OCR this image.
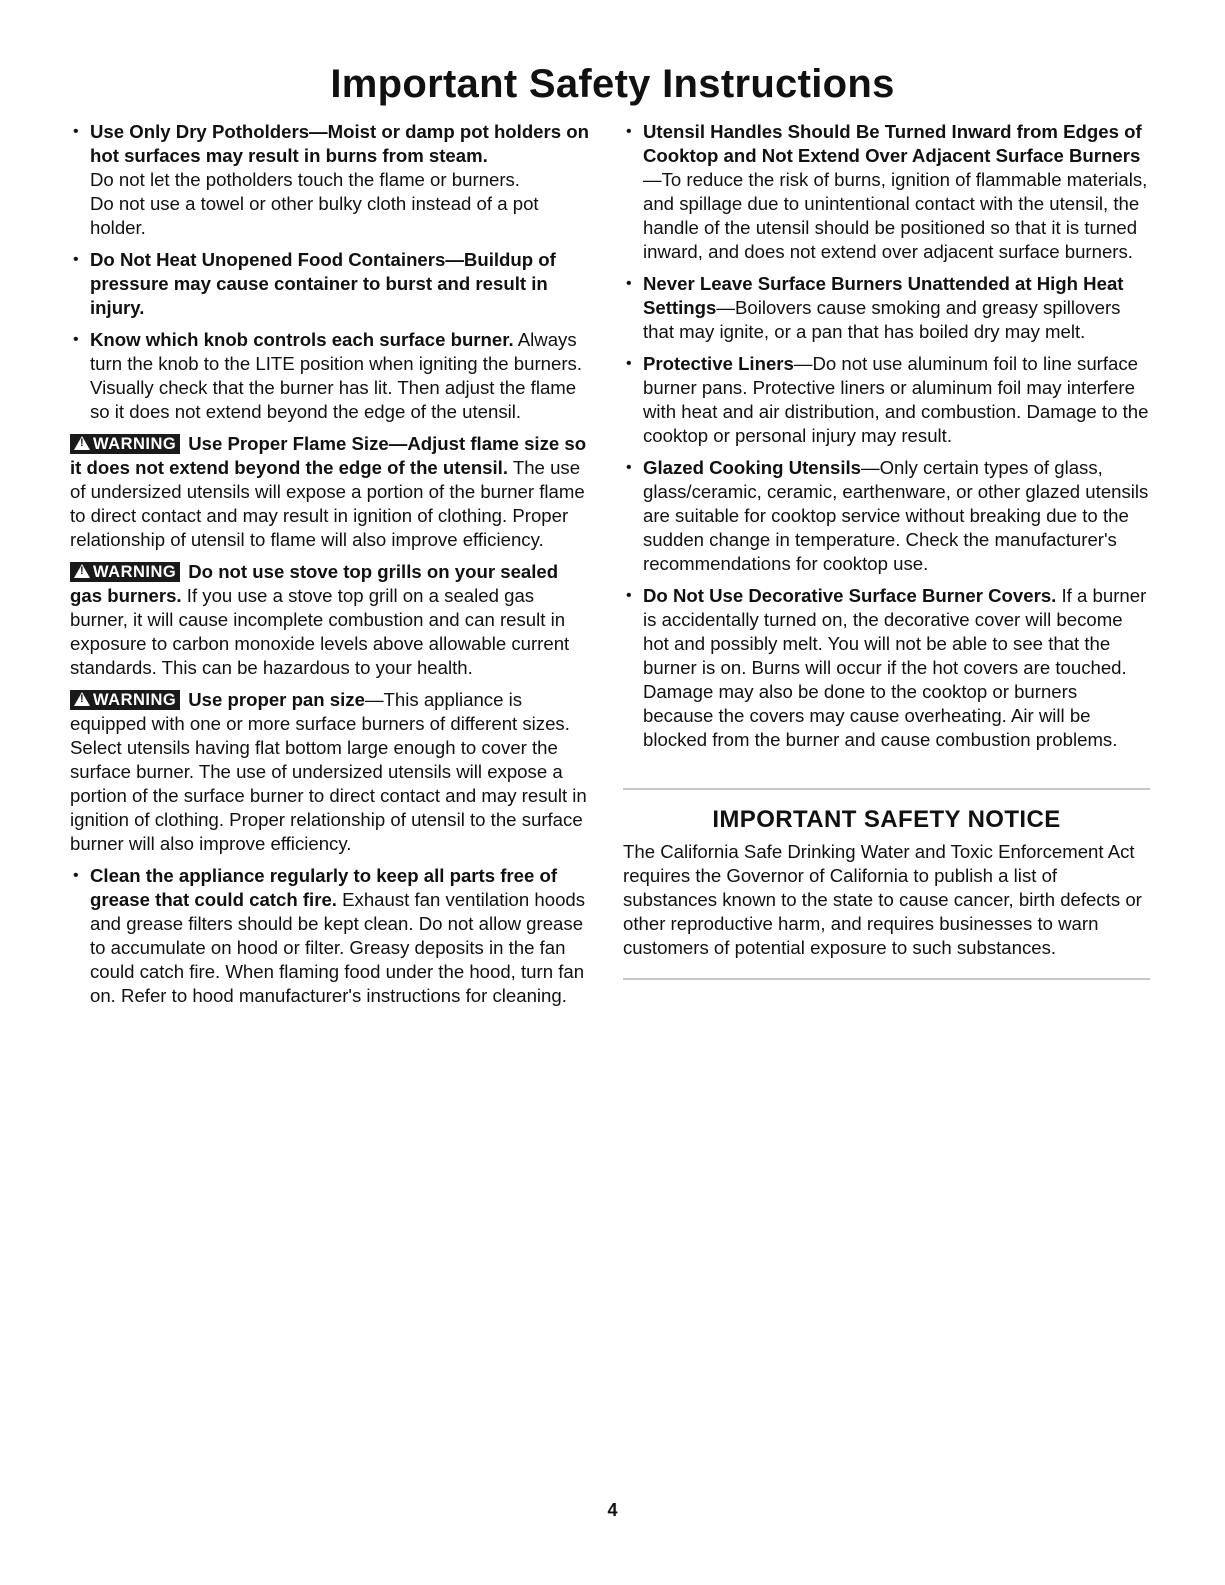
Important Safety Instructions
• Use Only Dry Potholders—Moist or damp pot holders on hot surfaces may result in burns from steam.
Do not let the potholders touch the flame or burners.
Do not use a towel or other bulky cloth instead of a pot holder.
• Do Not Heat Unopened Food Containers—Buildup of pressure may cause container to burst and result in injury.
• Know which knob controls each surface burner. Always turn the knob to the LITE position when igniting the burners. Visually check that the burner has lit. Then adjust the flame so it does not extend beyond the edge of the utensil.
!WARNING Use Proper Flame Size—Adjust flame size so it does not extend beyond the edge of the utensil. The use of undersized utensils will expose a portion of the burner flame to direct contact and may result in ignition of clothing. Proper relationship of utensil to flame will also improve efficiency.
!WARNING Do not use stove top grills on your sealed gas burners. If you use a stove top grill on a sealed gas burner, it will cause incomplete combustion and can result in exposure to carbon monoxide levels above allowable current standards. This can be hazardous to your health.
!WARNING Use proper pan size—This appliance is equipped with one or more surface burners of different sizes. Select utensils having flat bottom large enough to cover the surface burner. The use of undersized utensils will expose a portion of the surface burner to direct contact and may result in ignition of clothing. Proper relationship of utensil to the surface burner will also improve efficiency.
• Clean the appliance regularly to keep all parts free of grease that could catch fire. Exhaust fan ventilation hoods and grease filters should be kept clean. Do not allow grease to accumulate on hood or filter. Greasy deposits in the fan could catch fire. When flaming food under the hood, turn fan on. Refer to hood manufacturer's instructions for cleaning.
• Utensil Handles Should Be Turned Inward from Edges of Cooktop and Not Extend Over Adjacent Surface Burners—To reduce the risk of burns, ignition of flammable materials, and spillage due to unintentional contact with the utensil, the handle of the utensil should be positioned so that it is turned inward, and does not extend over adjacent surface burners.
• Never Leave Surface Burners Unattended at High Heat Settings—Boilovers cause smoking and greasy spillovers that may ignite, or a pan that has boiled dry may melt.
• Protective Liners—Do not use aluminum foil to line surface burner pans. Protective liners or aluminum foil may interfere with heat and air distribution, and combustion. Damage to the cooktop or personal injury may result.
• Glazed Cooking Utensils—Only certain types of glass, glass/ceramic, ceramic, earthenware, or other glazed utensils are suitable for cooktop service without breaking due to the sudden change in temperature. Check the manufacturer's recommendations for cooktop use.
• Do Not Use Decorative Surface Burner Covers. If a burner is accidentally turned on, the decorative cover will become hot and possibly melt. You will not be able to see that the burner is on. Burns will occur if the hot covers are touched. Damage may also be done to the cooktop or burners because the covers may cause overheating. Air will be blocked from the burner and cause combustion problems.
IMPORTANT SAFETY NOTICE
The California Safe Drinking Water and Toxic Enforcement Act requires the Governor of California to publish a list of substances known to the state to cause cancer, birth defects or other reproductive harm, and requires businesses to warn customers of potential exposure to such substances.
4
